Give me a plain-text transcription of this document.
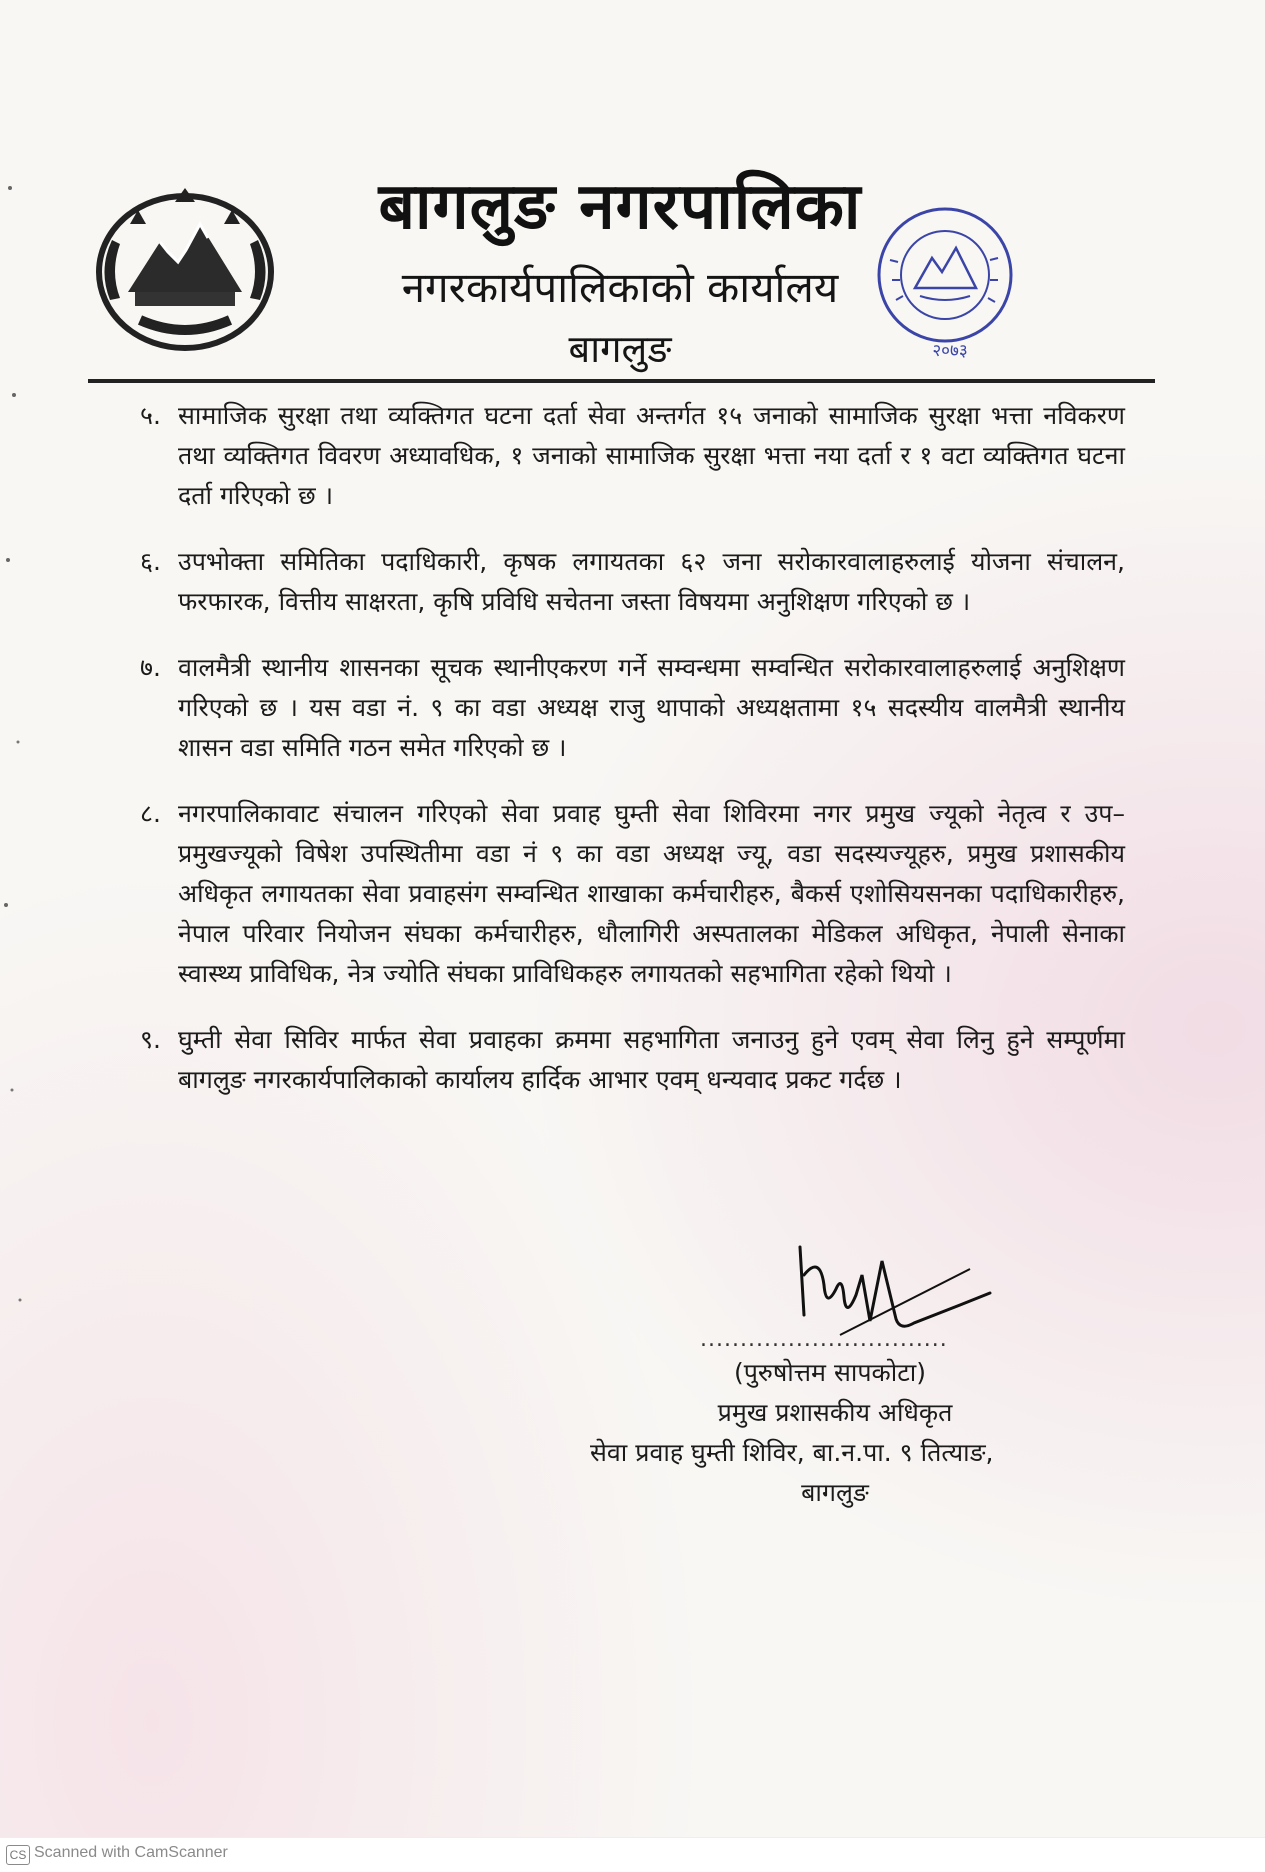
बागलुङ नगरपालिका
नगरकार्यपालिकाको कार्यालय
बागलुङ	२०७३
५. सामाजिक सुरक्षा तथा व्यक्तिगत घटना दर्ता सेवा अन्तर्गत १५ जनाको सामाजिक सुरक्षा भत्ता नविकरण तथा व्यक्तिगत विवरण अध्यावधिक, १ जनाको सामाजिक सुरक्षा भत्ता नया दर्ता र १ वटा व्यक्तिगत घटना दर्ता गरिएको छ ।
६. उपभोक्ता समितिका पदाधिकारी, कृषक लगायतका ६२ जना सरोकारवालाहरुलाई योजना संचालन, फरफारक, वित्तीय साक्षरता, कृषि प्रविधि सचेतना जस्ता विषयमा अनुशिक्षण गरिएको छ ।
७. वालमैत्री स्थानीय शासनका सूचक स्थानीएकरण गर्ने सम्वन्धमा सम्वन्धित सरोकारवालाहरुलाई अनुशिक्षण गरिएको छ । यस वडा नं. ९ का वडा अध्यक्ष राजु थापाको अध्यक्षतामा १५ सदस्यीय वालमैत्री स्थानीय शासन वडा समिति गठन समेत गरिएको छ ।
८. नगरपालिकावाट संचालन गरिएको सेवा प्रवाह घुम्ती सेवा शिविरमा नगर प्रमुख ज्यूको नेतृत्व र उप–प्रमुखज्यूको विषेश उपस्थितीमा वडा नं ९ का वडा अध्यक्ष ज्यू, वडा सदस्यज्यूहरु, प्रमुख प्रशासकीय अधिकृत लगायतका सेवा प्रवाहसंग सम्वन्धित शाखाका कर्मचारीहरु, बैकर्स एशोसियसनका पदाधिकारीहरु, नेपाल परिवार नियोजन संघका कर्मचारीहरु, धौलागिरी अस्पतालका मेडिकल अधिकृत, नेपाली सेनाका स्वास्थ्य प्राविधिक, नेत्र ज्योति संघका प्राविधिकहरु लगायतको सहभागिता रहेको थियो ।
९. घुम्ती सेवा सिविर मार्फत सेवा प्रवाहका क्रममा सहभागिता जनाउनु हुने एवम् सेवा लिनु हुने सम्पूर्णमा बागलुङ नगरकार्यपालिकाको कार्यालय हार्दिक आभार एवम् धन्यवाद प्रकट गर्दछ ।
...............................
(पुरुषोत्तम सापकोटा)
प्रमुख प्रशासकीय अधिकृत
सेवा प्रवाह घुम्ती शिविर, बा.न.पा. ९ तित्याङ,
बागलुङ
CS Scanned with CamScanner
